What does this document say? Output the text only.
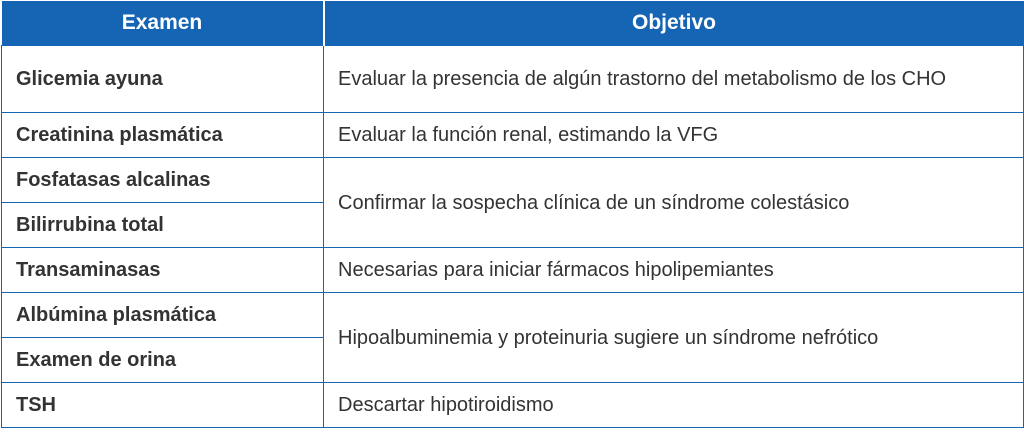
Examen	Objetivo
Glicemia ayuna	Evaluar la presencia de algún trastorno del metabolismo de los CHO
Creatinina plasmática	Evaluar la función renal, estimando la VFG
Fosfatasas alcalinas	Confirmar la sospecha clínica de un síndrome colestásico
Bilirrubina total	
Transaminasas	Necesarias para iniciar fármacos hipolipemiantes
Albúmina plasmática	Hipoalbuminemia y proteinuria sugiere un síndrome nefrótico
Examen de orina	
TSH	Descartar hipotiroidismo
